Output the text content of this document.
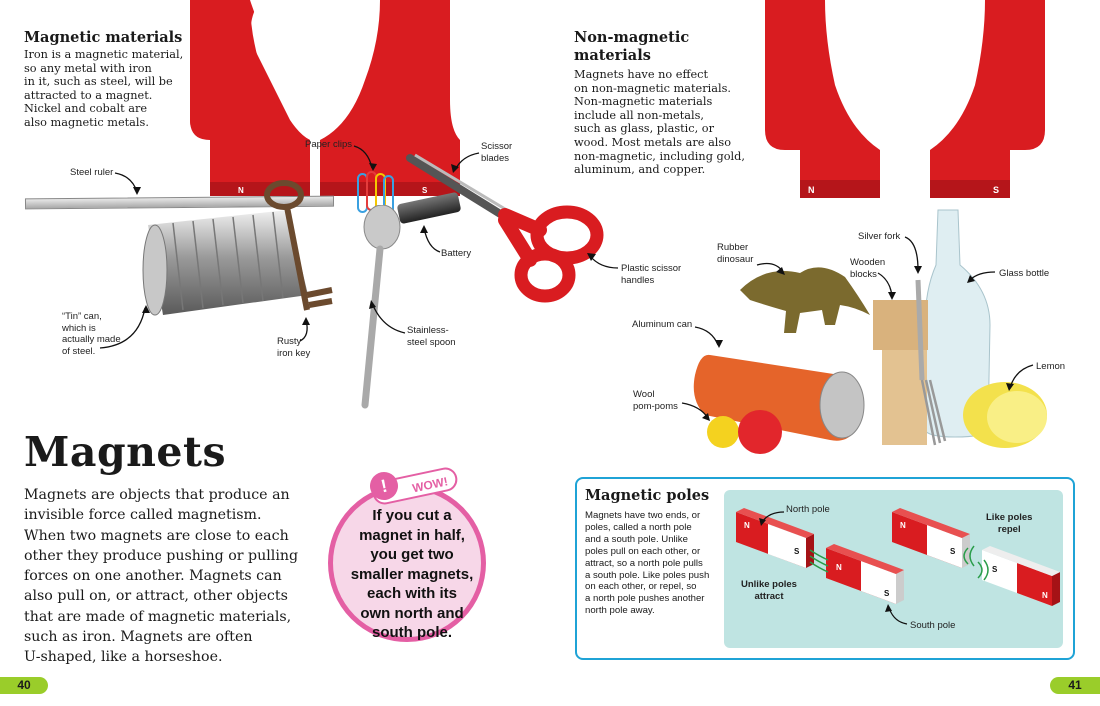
N	S
Magnetic materials
Iron is a magnetic material,
so any metal with iron
in it, such as steel, will be
attracted to a magnet.
Nickel and cobalt are
also magnetic metals.
Steel ruler
Paper clips	Scissor
blades
Battery
Plastic scissor
handles
“Tin” can,
which is
actually made
of steel.
Rusty
iron key
Stainless-
steel spoon
Magnets
Magnets are objects that produce an
invisible force called magnetism.
When two magnets are close to each
other they produce pushing or pulling
forces on one another. Magnets can
also pull on, or attract, other objects
that are made of magnetic materials,
such as iron. Magnets are often
U-shaped, like a horseshoe.
WOW!
!
If you cut a
magnet in half,
you get two
smaller magnets,
each with its
own north and
south pole.
40
N	S
Non-magnetic
materials
Magnets have no effect
on non-magnetic materials.
Non-magnetic materials
include all non-metals,
such as glass, plastic, or
wood. Most metals are also
non-magnetic, including gold,
aluminum, and copper.
Rubber
dinosaur
Silver fork
Wooden
blocks	Glass bottle
Aluminum can
Lemon
Wool
pom-poms
Magnetic poles
Magnets have two ends, or
poles, called a north pole
and a south pole. Unlike
poles pull on each other, or
attract, so a north pole pulls
a south pole. Like poles push
on each other, or repel, so
a north pole pushes another
north pole away.
N
S
N
S
N
S
S
N
North pole
South pole
Unlike poles
attract
Like poles
repel
41
